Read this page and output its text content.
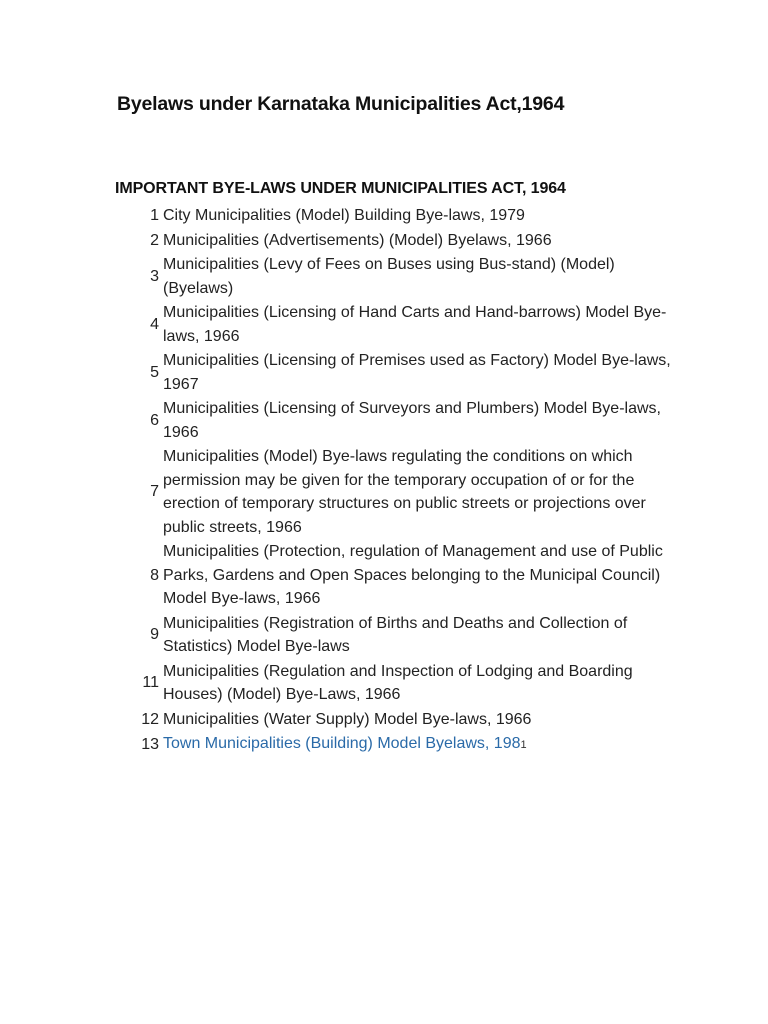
Byelaws under Karnataka Municipalities Act,1964
IMPORTANT BYE-LAWS UNDER MUNICIPALITIES ACT, 1964
1 City Municipalities (Model) Building Bye-laws, 1979
2 Municipalities (Advertisements) (Model) Byelaws, 1966
3
Municipalities (Levy of Fees on Buses using Bus-stand) (Model) (Byelaws)
4
Municipalities (Licensing of Hand Carts and Hand-barrows) Model Bye-laws, 1966
5
Municipalities (Licensing of Premises used as Factory) Model Bye-laws, 1967
6
Municipalities (Licensing of Surveyors and Plumbers) Model Bye-laws, 1966
7
Municipalities (Model) Bye-laws regulating the conditions on which permission may be given for the temporary occupation of or for the erection of temporary structures on public streets or projections over public streets, 1966
8
Municipalities (Protection, regulation of Management and use of Public Parks, Gardens and Open Spaces belonging to the Municipal Council) Model Bye-laws, 1966
9
Municipalities (Registration of Births and Deaths and Collection of Statistics) Model Bye-laws
11
Municipalities (Regulation and Inspection of Lodging and Boarding Houses) (Model) Bye-Laws, 1966
12 Municipalities (Water Supply) Model Bye-laws, 1966
13 Town Municipalities (Building) Model Byelaws, 1981
